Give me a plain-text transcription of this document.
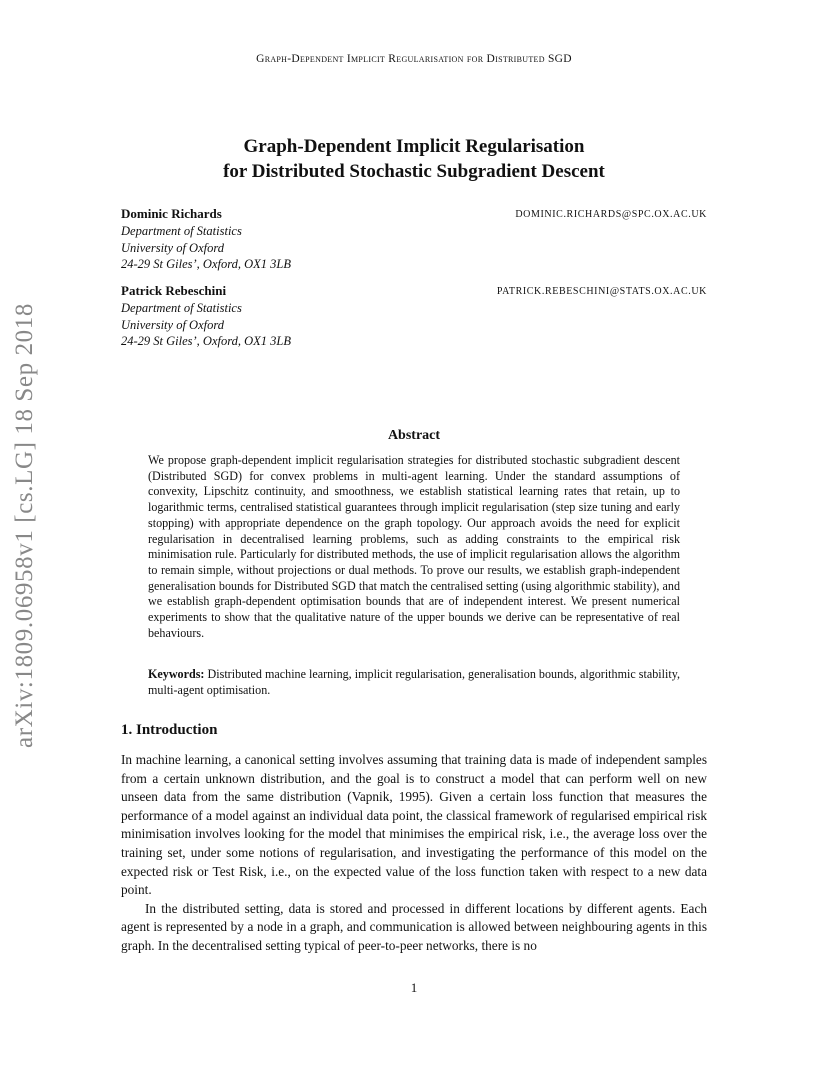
Graph-Dependent Implicit Regularisation for Distributed SGD
arXiv:1809.06958v1 [cs.LG] 18 Sep 2018
Graph-Dependent Implicit Regularisation
for Distributed Stochastic Subgradient Descent
Dominic Richards	DOMINIC.RICHARDS@SPC.OX.AC.UK
Department of Statistics
University of Oxford
24-29 St Giles’, Oxford, OX1 3LB
Patrick Rebeschini	PATRICK.REBESCHINI@STATS.OX.AC.UK
Department of Statistics
University of Oxford
24-29 St Giles’, Oxford, OX1 3LB
Abstract
We propose graph-dependent implicit regularisation strategies for distributed stochastic subgradient descent (Distributed SGD) for convex problems in multi-agent learning. Under the standard assumptions of convexity, Lipschitz continuity, and smoothness, we establish statistical learning rates that retain, up to logarithmic terms, centralised statistical guarantees through implicit regularisation (step size tuning and early stopping) with appropriate dependence on the graph topology. Our approach avoids the need for explicit regularisation in decentralised learning problems, such as adding constraints to the empirical risk minimisation rule. Particularly for distributed methods, the use of implicit regularisation allows the algorithm to remain simple, without projections or dual methods. To prove our results, we establish graph-independent generalisation bounds for Distributed SGD that match the centralised setting (using algorithmic stability), and we establish graph-dependent optimisation bounds that are of independent interest. We present numerical experiments to show that the qualitative nature of the upper bounds we derive can be representative of real behaviours.
Keywords: Distributed machine learning, implicit regularisation, generalisation bounds, algorithmic stability, multi-agent optimisation.
1. Introduction

In machine learning, a canonical setting involves assuming that training data is made of independent samples from a certain unknown distribution, and the goal is to construct a model that can perform well on new unseen data from the same distribution (Vapnik, 1995). Given a certain loss function that measures the performance of a model against an individual data point, the classical framework of regularised empirical risk minimisation involves looking for the model that minimises the empirical risk, i.e., the average loss over the training set, under some notions of regularisation, and investigating the performance of this model on the expected risk or Test Risk, i.e., on the expected value of the loss function taken with respect to a new data point.

In the distributed setting, data is stored and processed in different locations by different agents. Each agent is represented by a node in a graph, and communication is allowed between neighbouring agents in this graph. In the decentralised setting typical of peer-to-peer networks, there is no

1
